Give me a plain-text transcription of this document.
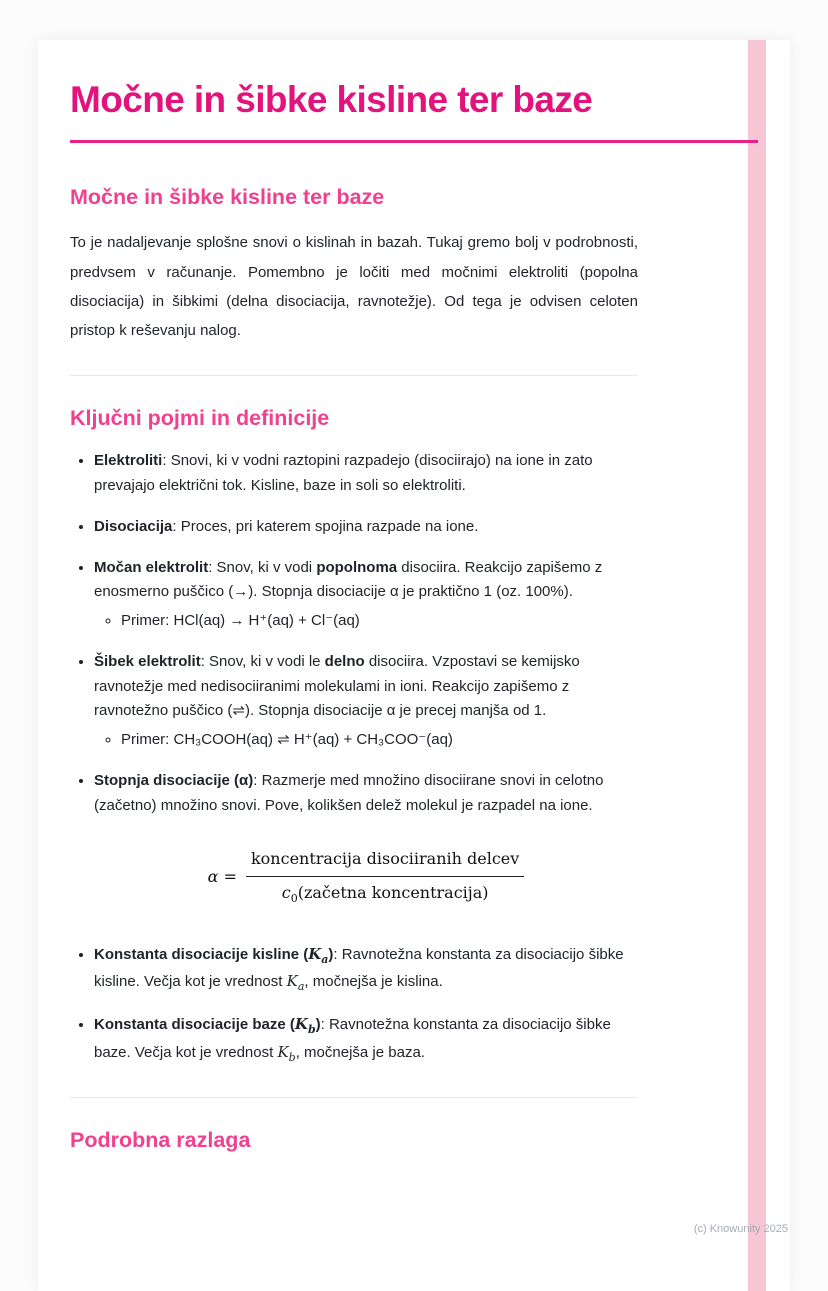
Močne in šibke kisline ter baze
Močne in šibke kisline ter baze

To je nadaljevanje splošne snovi o kislinah in bazah. Tukaj gremo bolj v podrobnosti, predvsem v računanje. Pomembno je ločiti med močnimi elektroliti (popolna disociacija) in šibkimi (delna disociacija, ravnotežje). Od tega je odvisen celoten pristop k reševanju nalog.

Ključni pojmi in definicije
• Elektroliti: Snovi, ki v vodni raztopini razpadejo (disociirajo) na ione in zato prevajajo električni tok. Kisline, baze in soli so elektroliti.
• Disociacija: Proces, pri katerem spojina razpade na ione.
• Močan elektrolit: Snov, ki v vodi popolnoma disociira. Reakcijo zapišemo z enosmerno puščico (→). Stopnja disociacije α je praktično 1 (oz. 100%).
◦ Primer: HCl(aq) → H⁺(aq) + Cl⁻(aq)
• Šibek elektrolit: Snov, ki v vodi le delno disociira. Vzpostavi se kemijsko ravnotežje med nedisociiranimi molekulami in ioni. Reakcijo zapišemo z ravnotežno puščico (⇌). Stopnja disociacije α je precej manjša od 1.
◦ Primer: CH₃COOH(aq) ⇌ H⁺(aq) + CH₃COO⁻(aq)
• Stopnja disociacije (α): Razmerje med množino disociirane snovi in celotno (začetno) množino snovi. Pove, kolikšen delež molekul je razpadel na ione.
$\alpha = \frac{\text{koncentracija disociiranih delcev}}{c_0(začetna koncentracija)}$
• Konstanta disociacije kisline $(K_a)$: Ravnotežna konstanta za disociacijo šibke kisline. Večja kot je vrednost $K_a$, močnejša je kislina.
• Konstanta disociacije baze $(K_b)$: Ravnotežna konstanta za disociacijo šibke baze. Večja kot je vrednost $K_b$, močnejša je baza.
Podrobna razlaga
(c) Knowunity 2025
